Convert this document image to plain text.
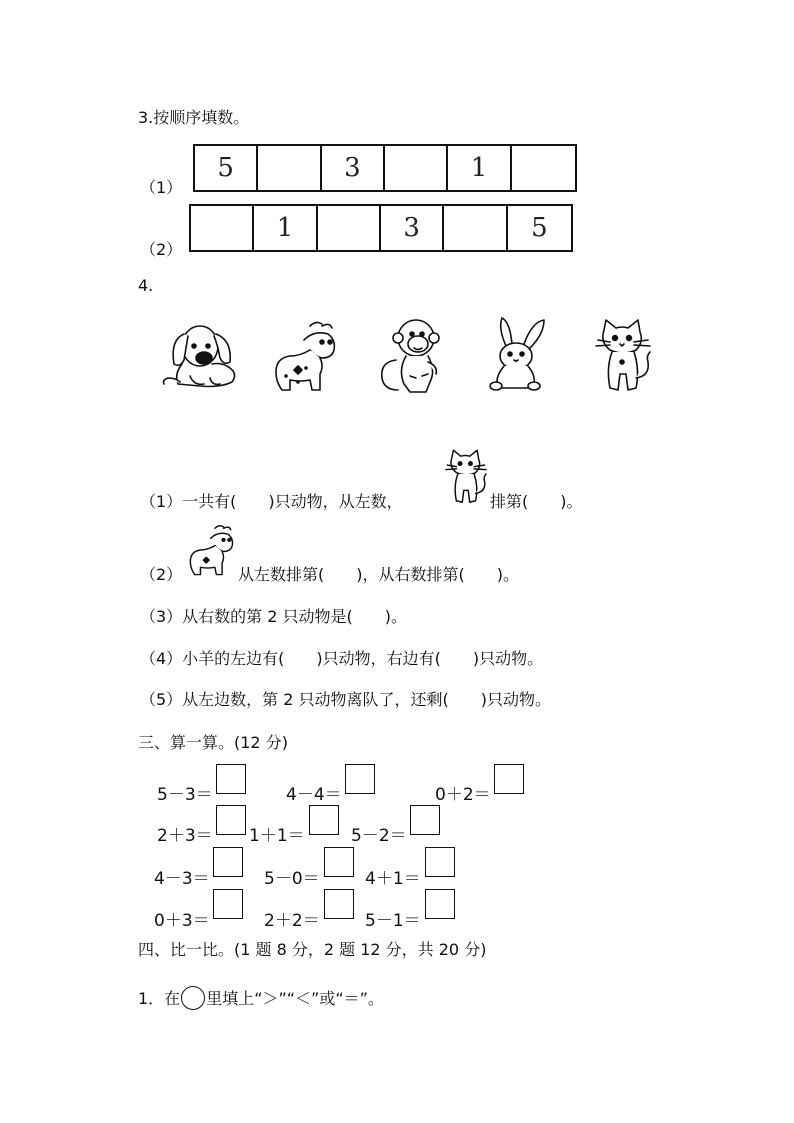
3.按顺序填数。
（1）
5	3	1
（2）
1	3	5
4.
（1）一共有(　　)只动物，从左数，	排第(　　)。
（2）	从左数排第(　　)，从右数排第(　　)。
（3）从右数的第 2 只动物是(　　)。
（4）小羊的左边有(　　)只动物，右边有(　　)只动物。
（5）从左边数，第 2 只动物离队了，还剩(　　)只动物。
三、算一算。(12 分)
5－3＝	4－4＝	0＋2＝
2＋3＝ 1＋1＝	5－2＝
4－3＝	5－0＝	4＋1＝
0＋3＝	2＋2＝	5－1＝
四、比一比。(1 题 8 分，2 题 12 分，共 20 分)
1．在 里填上“＞”“＜”或“＝”。
